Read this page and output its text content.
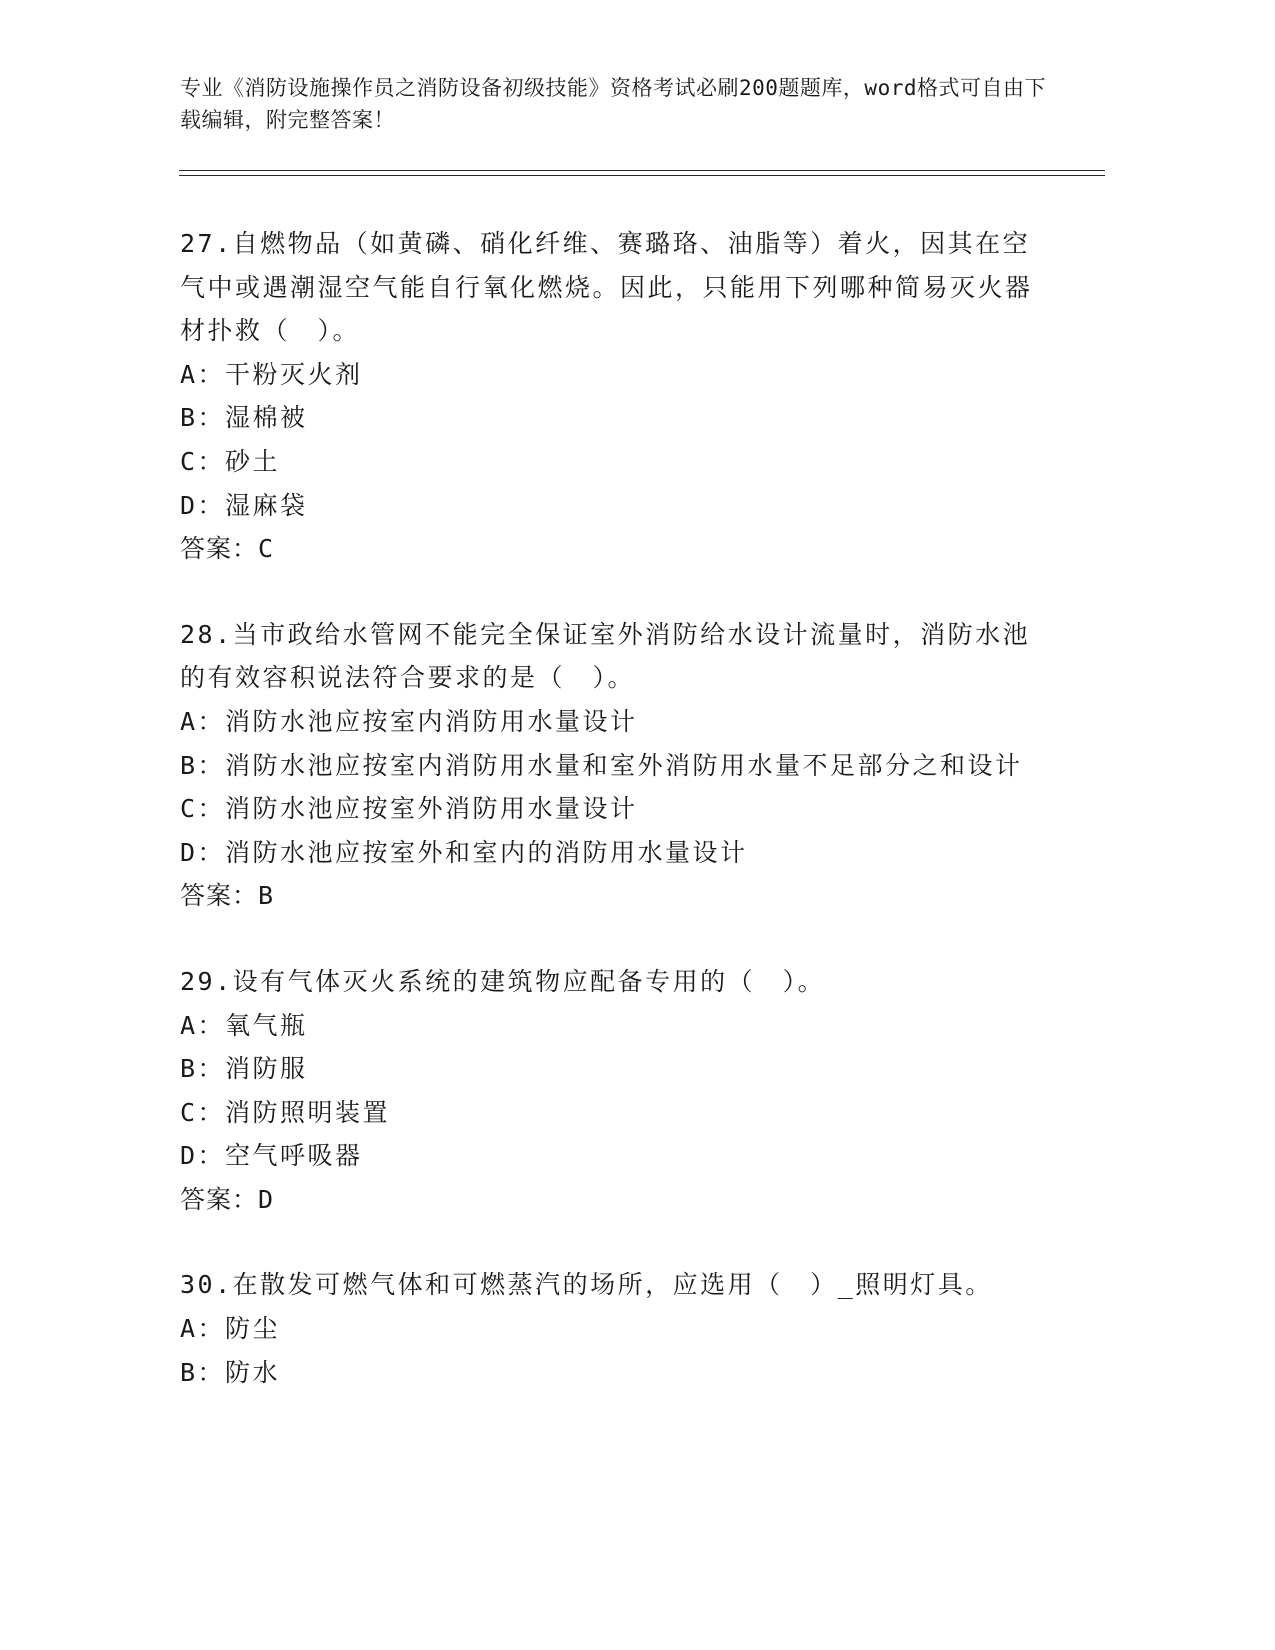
专业《消防设施操作员之消防设备初级技能》资格考试必刷200题题库，word格式可自由下载编辑，附完整答案！
27.自燃物品（如黄磷、硝化纤维、赛璐珞、油脂等）着火，因其在空气中或遇潮湿空气能自行氧化燃烧。因此，只能用下列哪种简易灭火器材扑救（　）。
A：干粉灭火剂
B：湿棉被
C：砂土
D：湿麻袋
答案：C
28.当市政给水管网不能完全保证室外消防给水设计流量时，消防水池的有效容积说法符合要求的是（　）。
A：消防水池应按室内消防用水量设计
B：消防水池应按室内消防用水量和室外消防用水量不足部分之和设计
C：消防水池应按室外消防用水量设计
D：消防水池应按室外和室内的消防用水量设计
答案：B
29.设有气体灭火系统的建筑物应配备专用的（　）。
A：氧气瓶
B：消防服
C：消防照明装置
D：空气呼吸器
答案：D
30.在散发可燃气体和可燃蒸汽的场所，应选用（　）_照明灯具。
A：防尘
B：防水
